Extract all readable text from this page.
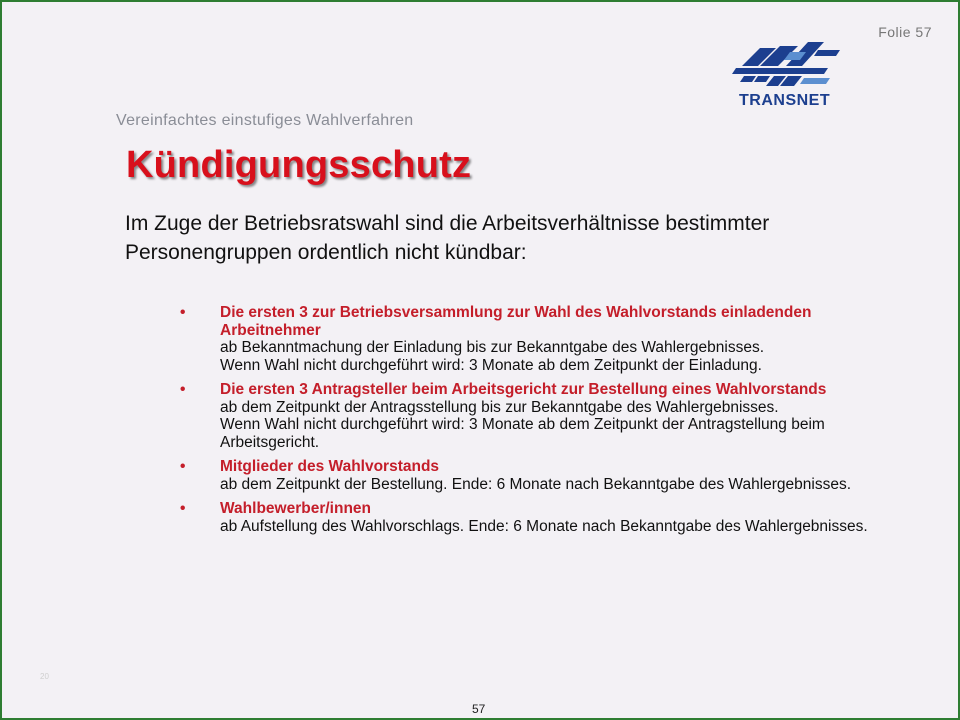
Folie 57
TRANSNET
Vereinfachtes einstufiges Wahlverfahren
Kündigungsschutz
Im Zuge der Betriebsratswahl sind die Arbeitsverhältnisse bestimmter Personengruppen ordentlich nicht kündbar:
• Die ersten 3 zur Betriebsversammlung zur Wahl des Wahlvorstands einladenden Arbeitnehmer
ab Bekanntmachung der Einladung bis zur Bekanntgabe des Wahlergebnisses.
Wenn Wahl nicht durchgeführt wird: 3 Monate ab dem Zeitpunkt der Einladung.
• Die ersten 3 Antragsteller beim Arbeitsgericht zur Bestellung eines Wahlvorstands
ab dem Zeitpunkt der Antragsstellung bis zur Bekanntgabe des Wahlergebnisses.
Wenn Wahl nicht durchgeführt wird: 3 Monate ab dem Zeitpunkt der Antragstellung beim Arbeitsgericht.
• Mitglieder des Wahlvorstands
ab dem Zeitpunkt der Bestellung. Ende: 6 Monate nach Bekanntgabe des Wahlergebnisses.
• Wahlbewerber/innen
ab Aufstellung des Wahlvorschlags. Ende: 6 Monate nach Bekanntgabe des Wahlergebnisses.
20
57
